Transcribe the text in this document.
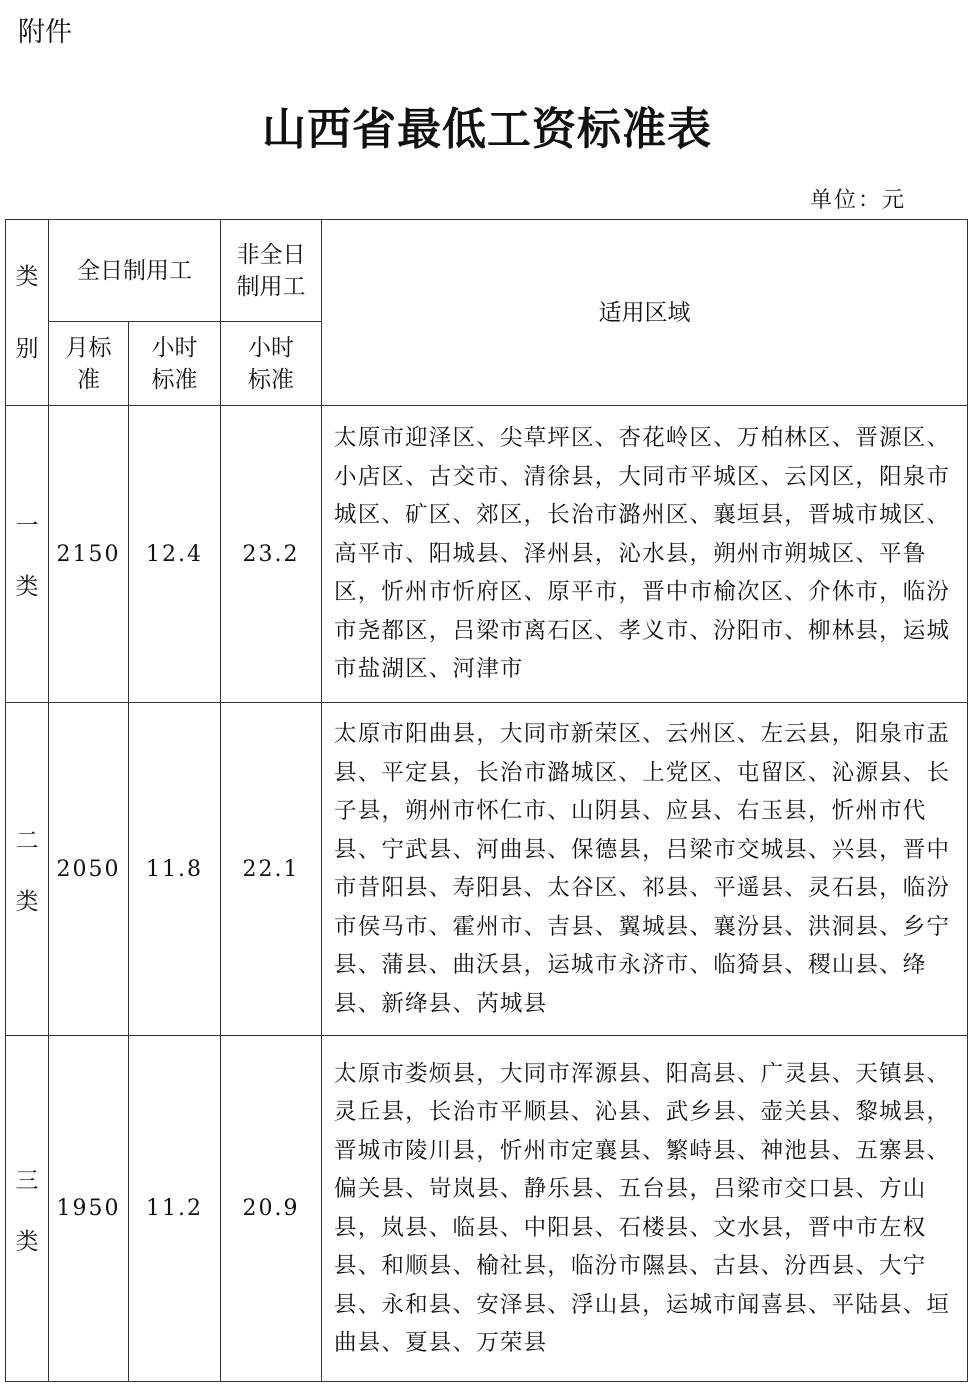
附件
山西省最低工资标准表
单位：元
类
别	全日制用工		非全日制用工	适用区域
	月标准	小时标准	小时标准	

一
类	2150	12.4	23.2	太原市迎泽区、尖草坪区、杏花岭区、万柏林区、晋源区、小店区、古交市、清徐县，大同市平城区、云冈区，阳泉市城区、矿区、郊区，长治市潞州区、襄垣县，晋城市城区、高平市、阳城县、泽州县，沁水县，朔州市朔城区、平鲁区，忻州市忻府区、原平市，晋中市榆次区、介休市，临汾市尧都区，吕梁市离石区、孝义市、汾阳市、柳林县，运城市盐湖区、河津市

二
类	2050	11.8	22.1	太原市阳曲县，大同市新荣区、云州区、左云县，阳泉市盂县、平定县，长治市潞城区、上党区、屯留区、沁源县、长子县，朔州市怀仁市、山阴县、应县、右玉县，忻州市代县、宁武县、河曲县、保德县，吕梁市交城县、兴县，晋中市昔阳县、寿阳县、太谷区、祁县、平遥县、灵石县，临汾市侯马市、霍州市、吉县、翼城县、襄汾县、洪洞县、乡宁县、蒲县、曲沃县，运城市永济市、临猗县、稷山县、绛县、新绛县、芮城县

三
类	1950	11.2	20.9	太原市娄烦县，大同市浑源县、阳高县、广灵县、天镇县、灵丘县，长治市平顺县、沁县、武乡县、壶关县、黎城县，晋城市陵川县，忻州市定襄县、繁峙县、神池县、五寨县、偏关县、岢岚县、静乐县、五台县，吕梁市交口县、方山县，岚县、临县、中阳县、石楼县、文水县，晋中市左权县、和顺县、榆社县，临汾市隰县、古县、汾西县、大宁县、永和县、安泽县、浮山县，运城市闻喜县、平陆县、垣曲县、夏县、万荣县
